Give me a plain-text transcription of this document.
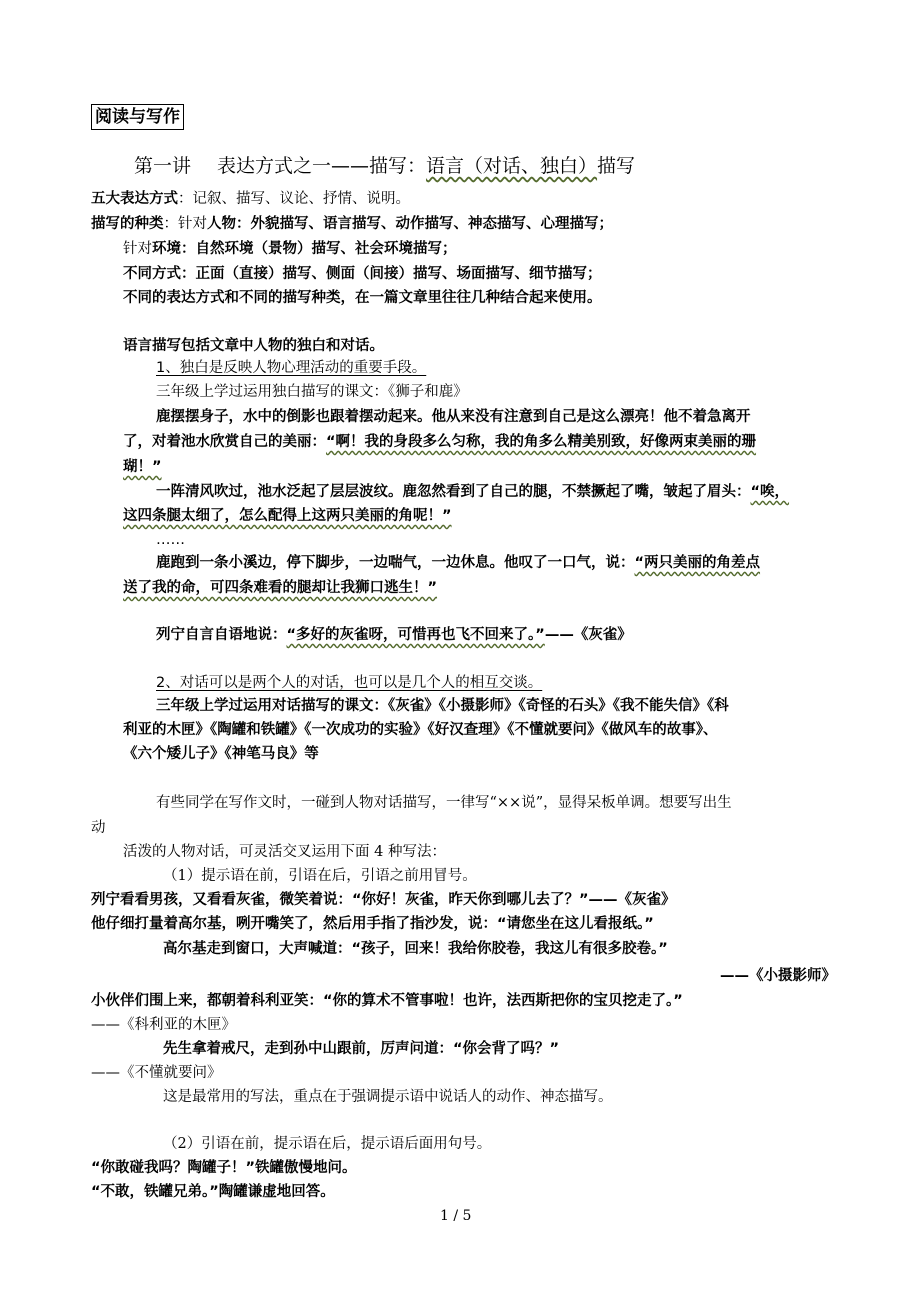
阅读与写作
第一讲 表达方式之一——描写：语言（对话、独白）描写
五大表达方式：记叙、描写、议论、抒情、说明。
描写的种类：针对人物：外貌描写、语言描写、动作描写、神态描写、心理描写；
针对环境：自然环境（景物）描写、社会环境描写；
不同方式：正面（直接）描写、侧面（间接）描写、场面描写、细节描写；
不同的表达方式和不同的描写种类，在一篇文章里往往几种结合起来使用。
语言描写包括文章中人物的独白和对话。
1、独白是反映人物心理活动的重要手段。
三年级上学过运用独白描写的课文：《狮子和鹿》
鹿摆摆身子，水中的倒影也跟着摆动起来。他从来没有注意到自己是这么漂亮！他不着急离开
了，对着池水欣赏自己的美丽：“啊！我的身段多么匀称，我的角多么精美别致，好像两束美丽的珊
瑚！”
一阵清风吹过，池水泛起了层层波纹。鹿忽然看到了自己的腿，不禁撅起了嘴，皱起了眉头：“唉，
这四条腿太细了，怎么配得上这两只美丽的角呢！”
……
鹿跑到一条小溪边，停下脚步，一边喘气，一边休息。他叹了一口气，说：“两只美丽的角差点
送了我的命，可四条难看的腿却让我狮口逃生！”
列宁自言自语地说：“多好的灰雀呀，可惜再也飞不回来了。”——《灰雀》
2、对话可以是两个人的对话，也可以是几个人的相互交谈。
三年级上学过运用对话描写的课文：《灰雀》《小摄影师》《奇怪的石头》《我不能失信》《科
利亚的木匣》《陶罐和铁罐》《一次成功的实验》《好汉查理》《不懂就要问》《做风车的故事》、
《六个矮儿子》《神笔马良》等
有些同学在写作文时，一碰到人物对话描写，一律写“××说”，显得呆板单调。想要写出生
动
活泼的人物对话，可灵活交叉运用下面 4 种写法：
（1）提示语在前，引语在后，引语之前用冒号。
列宁看看男孩，又看看灰雀，微笑着说：“你好！灰雀，昨天你到哪儿去了？”——《灰雀》
他仔细打量着高尔基，咧开嘴笑了，然后用手指了指沙发，说：“请您坐在这儿看报纸。”
高尔基走到窗口，大声喊道：“孩子，回来！我给你胶卷，我这儿有很多胶卷。”
——《小摄影师》
小伙伴们围上来，都朝着科利亚笑：“你的算术不管事啦！也许，法西斯把你的宝贝挖走了。”
——《科利亚的木匣》
先生拿着戒尺，走到孙中山跟前，厉声问道：“你会背了吗？”
——《不懂就要问》
这是最常用的写法，重点在于强调提示语中说话人的动作、神态描写。
（2）引语在前，提示语在后，提示语后面用句号。
“你敢碰我吗？陶罐子！”铁罐傲慢地问。
“不敢，铁罐兄弟。”陶罐谦虚地回答。
1 / 5
